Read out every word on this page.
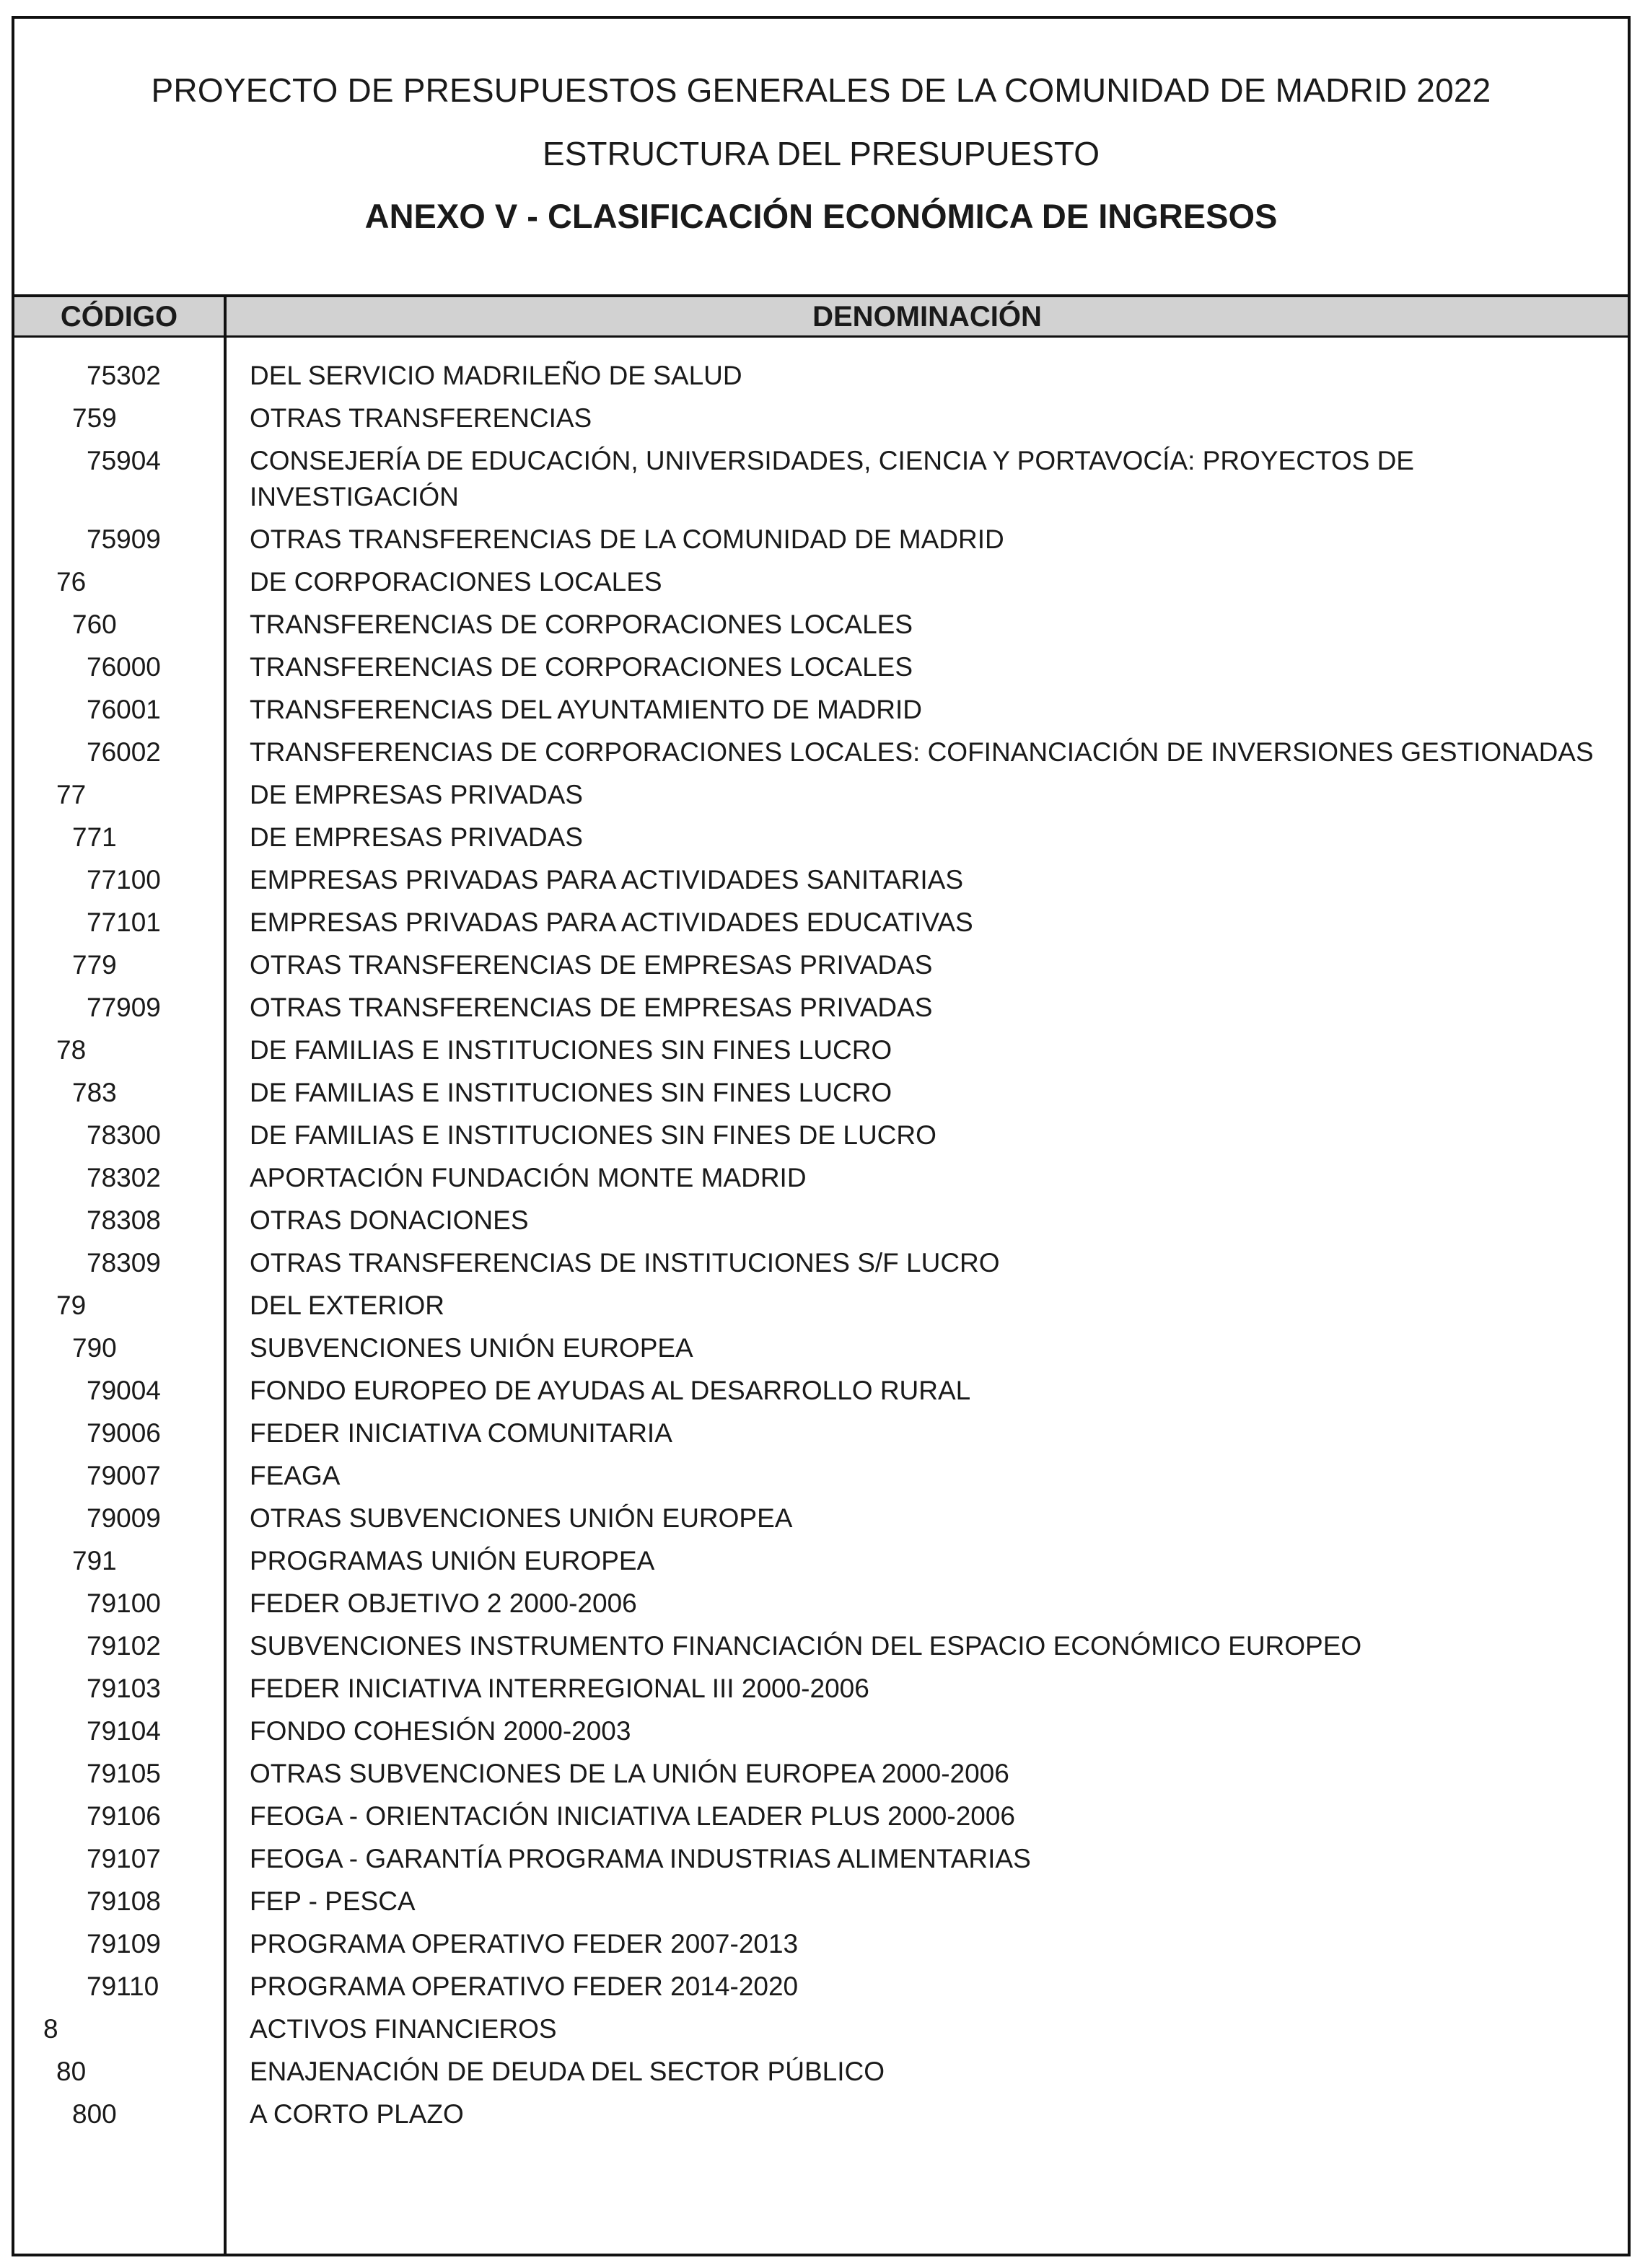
PROYECTO DE PRESUPUESTOS GENERALES DE LA COMUNIDAD DE MADRID 2022
ESTRUCTURA DEL PRESUPUESTO
ANEXO V - CLASIFICACIÓN ECONÓMICA DE INGRESOS
CÓDIGO	DENOMINACIÓN
75302	DEL SERVICIO MADRILEÑO DE SALUD
759	OTRAS TRANSFERENCIAS
75904	CONSEJERÍA DE EDUCACIÓN, UNIVERSIDADES, CIENCIA Y PORTAVOCÍA: PROYECTOS DE INVESTIGACIÓN
75909	OTRAS TRANSFERENCIAS DE LA COMUNIDAD DE MADRID
76	DE CORPORACIONES LOCALES
760	TRANSFERENCIAS DE CORPORACIONES LOCALES
76000	TRANSFERENCIAS DE CORPORACIONES LOCALES
76001	TRANSFERENCIAS DEL AYUNTAMIENTO DE MADRID
76002	TRANSFERENCIAS DE CORPORACIONES LOCALES: COFINANCIACIÓN DE INVERSIONES GESTIONADAS
77	DE EMPRESAS PRIVADAS
771	DE EMPRESAS PRIVADAS
77100	EMPRESAS PRIVADAS PARA ACTIVIDADES SANITARIAS
77101	EMPRESAS PRIVADAS PARA ACTIVIDADES EDUCATIVAS
779	OTRAS TRANSFERENCIAS DE EMPRESAS PRIVADAS
77909	OTRAS TRANSFERENCIAS DE EMPRESAS PRIVADAS
78	DE FAMILIAS E INSTITUCIONES SIN FINES LUCRO
783	DE FAMILIAS E INSTITUCIONES SIN FINES LUCRO
78300	DE FAMILIAS E INSTITUCIONES SIN FINES DE LUCRO
78302	APORTACIÓN FUNDACIÓN MONTE MADRID
78308	OTRAS DONACIONES
78309	OTRAS TRANSFERENCIAS DE INSTITUCIONES S/F LUCRO
79	DEL EXTERIOR
790	SUBVENCIONES UNIÓN EUROPEA
79004	FONDO EUROPEO DE AYUDAS AL DESARROLLO RURAL
79006	FEDER INICIATIVA COMUNITARIA
79007	FEAGA
79009	OTRAS SUBVENCIONES UNIÓN EUROPEA
791	PROGRAMAS UNIÓN EUROPEA
79100	FEDER OBJETIVO 2 2000-2006
79102	SUBVENCIONES INSTRUMENTO FINANCIACIÓN DEL ESPACIO ECONÓMICO EUROPEO
79103	FEDER INICIATIVA INTERREGIONAL III 2000-2006
79104	FONDO COHESIÓN 2000-2003
79105	OTRAS SUBVENCIONES DE LA UNIÓN EUROPEA 2000-2006
79106	FEOGA - ORIENTACIÓN INICIATIVA LEADER PLUS 2000-2006
79107	FEOGA - GARANTÍA PROGRAMA INDUSTRIAS ALIMENTARIAS
79108	FEP - PESCA
79109	PROGRAMA OPERATIVO FEDER 2007-2013
79110	PROGRAMA OPERATIVO FEDER 2014-2020
8	ACTIVOS FINANCIEROS
80	ENAJENACIÓN DE DEUDA DEL SECTOR PÚBLICO
800	A CORTO PLAZO
